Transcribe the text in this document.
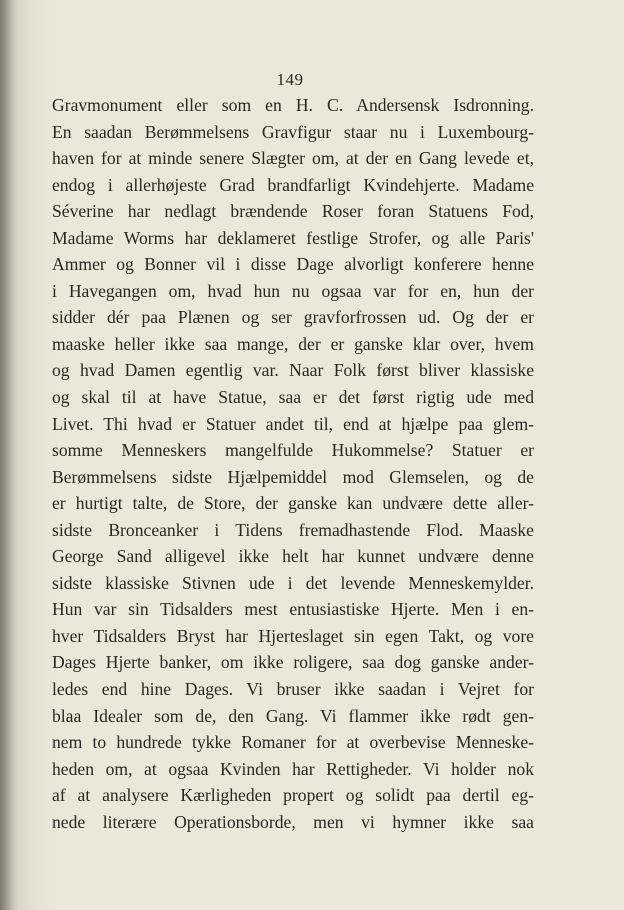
149
Gravmonument eller som en H. C. Andersensk Isdronning.
En saadan Berømmelsens Gravfigur staar nu i Luxembourg-
haven for at minde senere Slægter om, at der en Gang levede et,
endog i allerhøjeste Grad brandfarligt Kvindehjerte. Madame
Séverine har nedlagt brændende Roser foran Statuens Fod,
Madame Worms har deklameret festlige Strofer, og alle Paris'
Ammer og Bonner vil i disse Dage alvorligt konferere henne
i Havegangen om, hvad hun nu ogsaa var for en, hun der
sidder dér paa Plænen og ser gravforfrossen ud. Og der er
maaske heller ikke saa mange, der er ganske klar over, hvem
og hvad Damen egentlig var. Naar Folk først bliver klassiske
og skal til at have Statue, saa er det først rigtig ude med
Livet. Thi hvad er Statuer andet til, end at hjælpe paa glem-
somme Menneskers mangelfulde Hukommelse? Statuer er
Berømmelsens sidste Hjælpemiddel mod Glemselen, og de
er hurtigt talte, de Store, der ganske kan undvære dette aller-
sidste Bronceanker i Tidens fremadhastende Flod. Maaske
George Sand alligevel ikke helt har kunnet undvære denne
sidste klassiske Stivnen ude i det levende Menneskemylder.
Hun var sin Tidsalders mest entusiastiske Hjerte. Men i en-
hver Tidsalders Bryst har Hjerteslaget sin egen Takt, og vore
Dages Hjerte banker, om ikke roligere, saa dog ganske ander-
ledes end hine Dages. Vi bruser ikke saadan i Vejret for
blaa Idealer som de, den Gang. Vi flammer ikke rødt gen-
nem to hundrede tykke Romaner for at overbevise Menneske-
heden om, at ogsaa Kvinden har Rettigheder. Vi holder nok
af at analysere Kærligheden propert og solidt paa dertil eg-
nede literære Operationsborde, men vi hymner ikke saa
